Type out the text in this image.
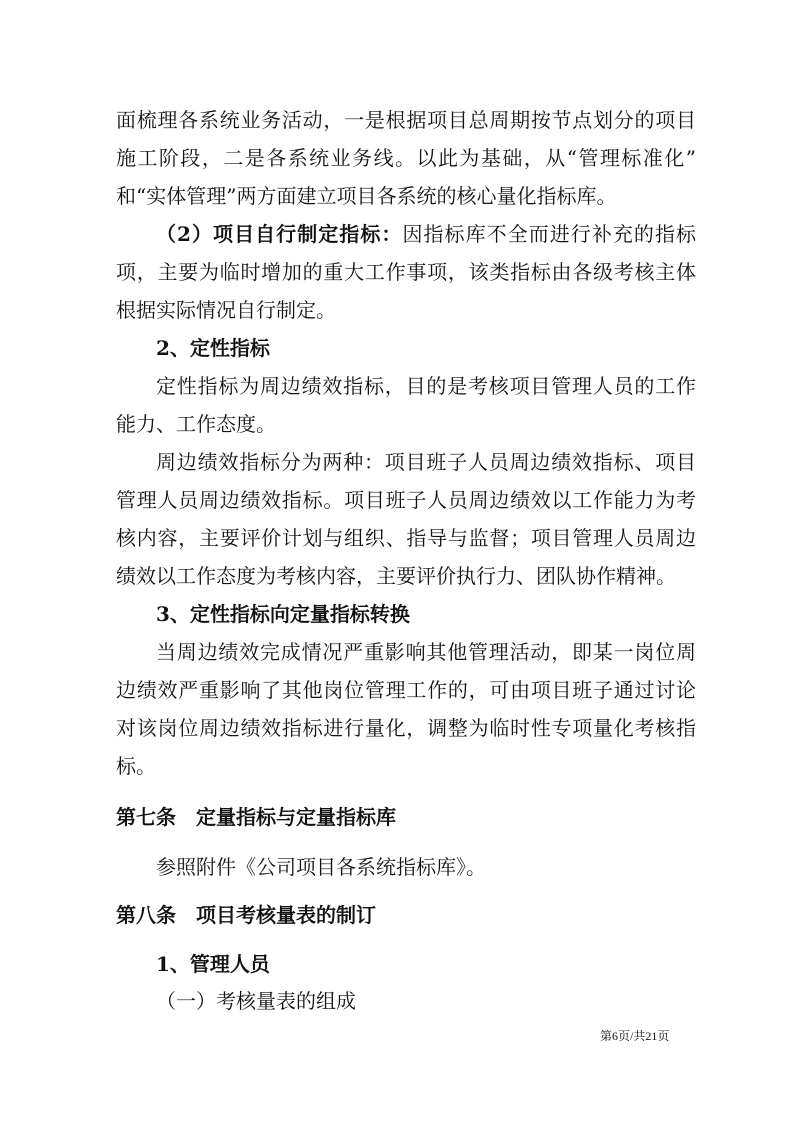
面梳理各系统业务活动，一是根据项目总周期按节点划分的项目
施工阶段，二是各系统业务线。以此为基础，从“管理标准化”
和“实体管理”两方面建立项目各系统的核心量化指标库。
（2）项目自行制定指标：因指标库不全而进行补充的指标
项，主要为临时增加的重大工作事项，该类指标由各级考核主体
根据实际情况自行制定。
2、定性指标
定性指标为周边绩效指标，目的是考核项目管理人员的工作
能力、工作态度。
周边绩效指标分为两种：项目班子人员周边绩效指标、项目
管理人员周边绩效指标。项目班子人员周边绩效以工作能力为考
核内容，主要评价计划与组织、指导与监督；项目管理人员周边
绩效以工作态度为考核内容，主要评价执行力、团队协作精神。
3、定性指标向定量指标转换
当周边绩效完成情况严重影响其他管理活动，即某一岗位周
边绩效严重影响了其他岗位管理工作的，可由项目班子通过讨论
对该岗位周边绩效指标进行量化，调整为临时性专项量化考核指
标。
第七条　定量指标与定量指标库
参照附件《公司项目各系统指标库》。
第八条　项目考核量表的制订
1、管理人员
（一）考核量表的组成
第6页/共21页
